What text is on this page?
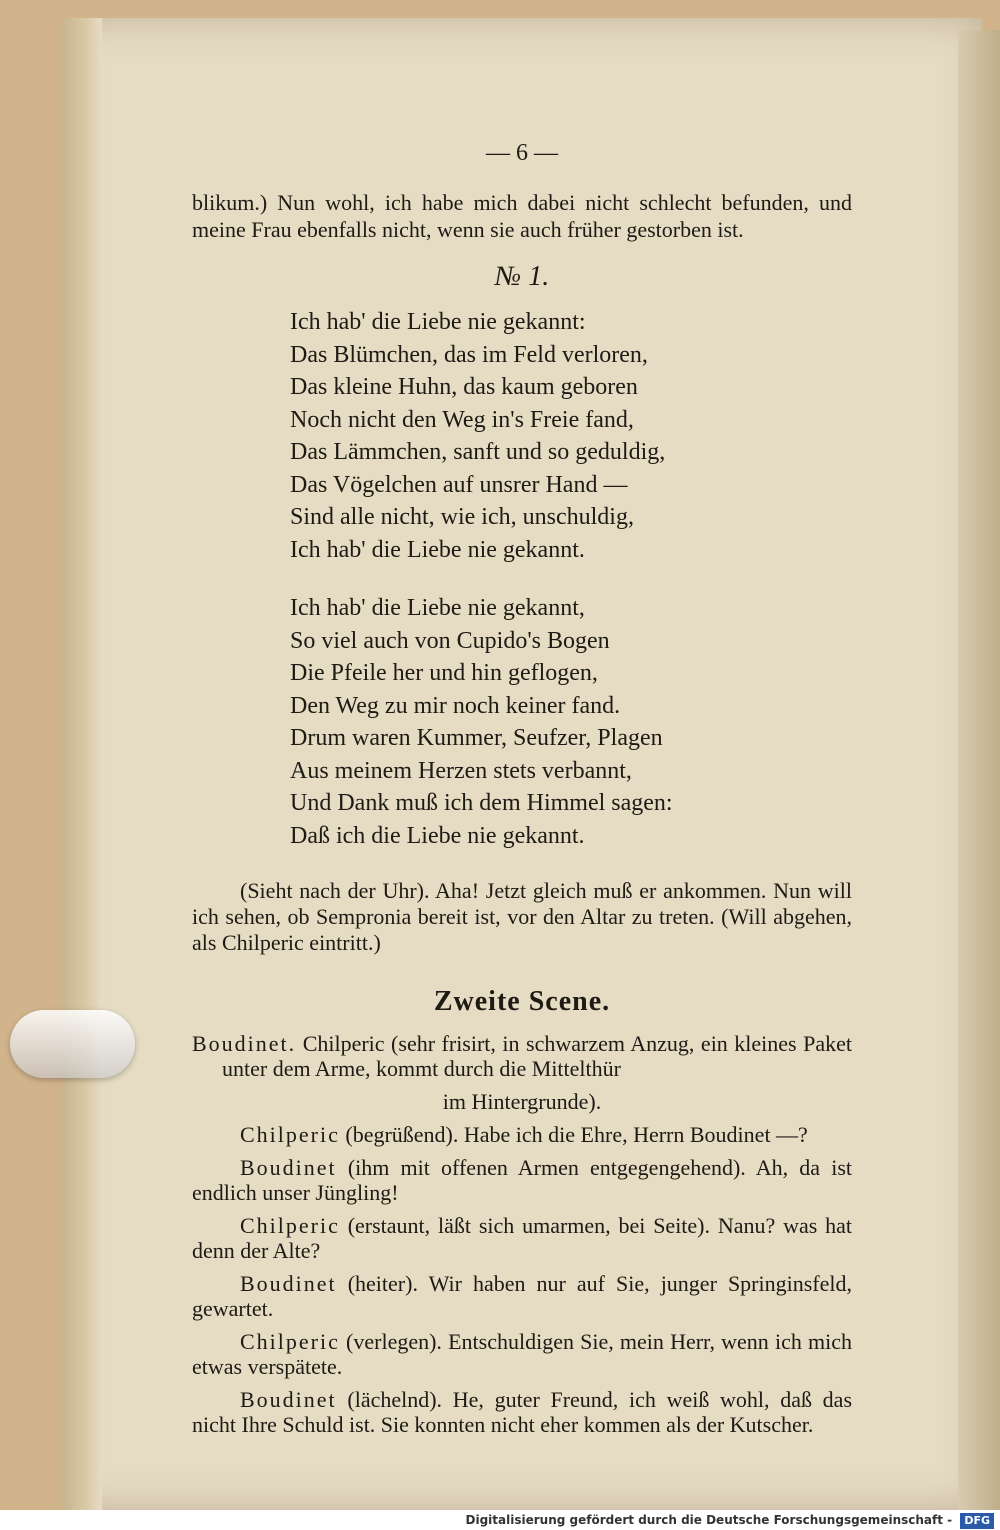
— 6 —

blikum.) Nun wohl, ich habe mich dabei nicht schlecht befunden, und meine Frau ebenfalls nicht, wenn sie auch früher gestorben ist.

№ 1.
Ich hab' die Liebe nie gekannt:
Das Blümchen, das im Feld verloren,
Das kleine Huhn, das kaum geboren
Noch nicht den Weg in's Freie fand,
Das Lämmchen, sanft und so geduldig,
Das Vögelchen auf unsrer Hand —
Sind alle nicht, wie ich, unschuldig,
Ich hab' die Liebe nie gekannt.
Ich hab' die Liebe nie gekannt,
So viel auch von Cupido's Bogen
Die Pfeile her und hin geflogen,
Den Weg zu mir noch keiner fand.
Drum waren Kummer, Seufzer, Plagen
Aus meinem Herzen stets verbannt,
Und Dank muß ich dem Himmel sagen:
Daß ich die Liebe nie gekannt.

(Sieht nach der Uhr). Aha! Jetzt gleich muß er ankommen. Nun will ich sehen, ob Sempronia bereit ist, vor den Altar zu treten. (Will abgehen, als Chilperic eintritt.)

Zweite Scene.

Boudinet. Chilperic (sehr frisirt, in schwarzem Anzug, ein kleines Paket unter dem Arme, kommt durch die Mittelthür

im Hintergrunde).

Chilperic (begrüßend). Habe ich die Ehre, Herrn Boudinet —?

Boudinet (ihm mit offenen Armen entgegengehend). Ah, da ist endlich unser Jüngling!

Chilperic (erstaunt, läßt sich umarmen, bei Seite). Nanu? was hat denn der Alte?

Boudinet (heiter). Wir haben nur auf Sie, junger Springinsfeld, gewartet.

Chilperic (verlegen). Entschuldigen Sie, mein Herr, wenn ich mich etwas verspätete.

Boudinet (lächelnd). He, guter Freund, ich weiß wohl, daß das nicht Ihre Schuld ist. Sie konnten nicht eher kommen als der Kutscher.

Digitalisierung gefördert durch die Deutsche Forschungsgemeinschaft - DFG
